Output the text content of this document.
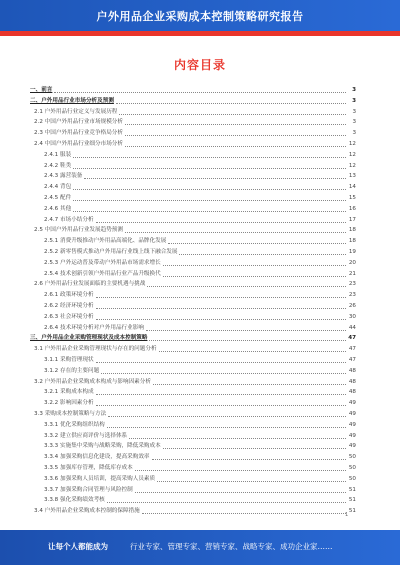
户外用品企业采购成本控制策略研究报告
内容目录
一、前言	3
二、户外用品行业市场分析及预测	3
2.1 户外用品行业定义与发展历程	3
2.2 中国户外用品行业市场规模分析	3
2.3 中国户外用品行业竞争格局分析	3
2.4 中国户外用品行业细分市场分析	12
2.4.1 服装	12
2.4.2 鞋类	12
2.4.3 露营装备	13
2.4.4 背包	14
2.4.5 配件	15
2.4.6 其他	16
2.4.7 市场小结分析	17
2.5 中国户外用品行业发展趋势预测	18
2.5.1 消费升级推动户外用品高端化、品牌化发展	18
2.5.2 新零售模式推动户外用品行业线上线下融合发展	19
2.5.3 户外运动普及带动户外用品市场需求增长	20
2.5.4 技术创新引领户外用品行业产品升级换代	21
2.6 户外用品行业发展面临的主要机遇与挑战	23
2.6.1 政策环境分析	23
2.6.2 经济环境分析	26
2.6.3 社会环境分析	30
2.6.4 技术环境分析对户外用品行业影响	44
三、户外用品企业采购管理现状及成本控制策略	47
3.1 户外用品企业采购管理现状与存在的问题分析	47
3.1.1 采购管理现状	47
3.1.2 存在的主要问题	48
3.2 户外用品企业采购成本构成与影响因素分析	48
3.2.1 采购成本构成	48
3.2.2 影响因素分析	49
3.3 采购成本控制策略与方法	49
3.3.1 优化采购组织结构	49
3.3.2 建立供应商评价与选择体系	49
3.3.3 实施集中采购与战略采购，降低采购成本	49
3.3.4 加强采购信息化建设，提高采购效率	50
3.3.5 加强库存管理，降低库存成本	50
3.3.6 加强采购人员培训，提高采购人员素质	50
3.3.7 加强采购合同管理与风险控制	51
3.3.8 强化采购绩效考核	51
3.4 户外用品企业采购成本控制的保障措施	51
让每个人都能成为	行业专家、管理专家、营销专家、战略专家、成功企业家……
1
